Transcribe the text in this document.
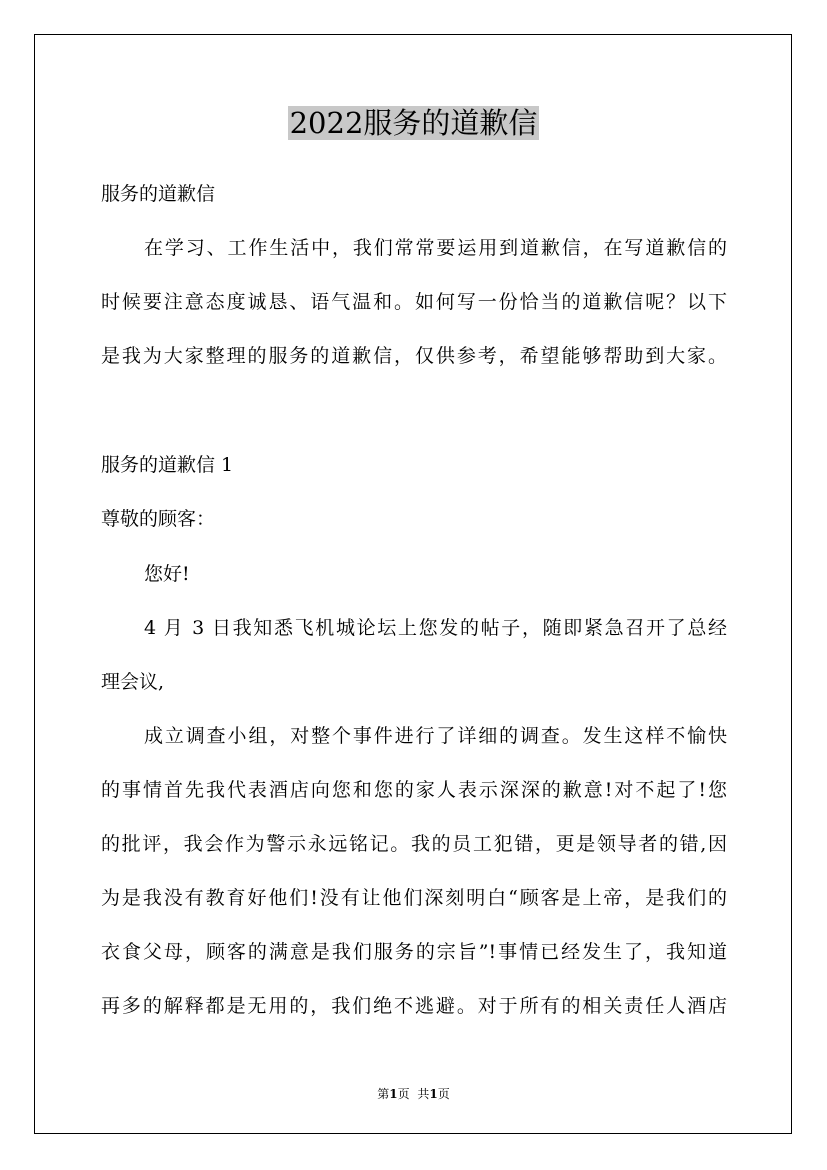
2022服务的道歉信
服务的道歉信
在学习、工作生活中，我们常常要运用到道歉信，在写道歉信的
时候要注意态度诚恳、语气温和。如何写一份恰当的道歉信呢？以下
是我为大家整理的服务的道歉信，仅供参考，希望能够帮助到大家。
服务的道歉信 1
尊敬的顾客：
您好!
4 月 3 日我知悉飞机城论坛上您发的帖子，随即紧急召开了总经
理会议,
成立调查小组，对整个事件进行了详细的调查。发生这样不愉快
的事情首先我代表酒店向您和您的家人表示深深的歉意!对不起了!您
的批评，我会作为警示永远铭记。我的员工犯错，更是领导者的错,因
为是我没有教育好他们!没有让他们深刻明白“顾客是上帝，是我们的
衣食父母，顾客的满意是我们服务的宗旨”!事情已经发生了，我知道
再多的解释都是无用的，我们绝不逃避。对于所有的相关责任人酒店
第1页 共1页
